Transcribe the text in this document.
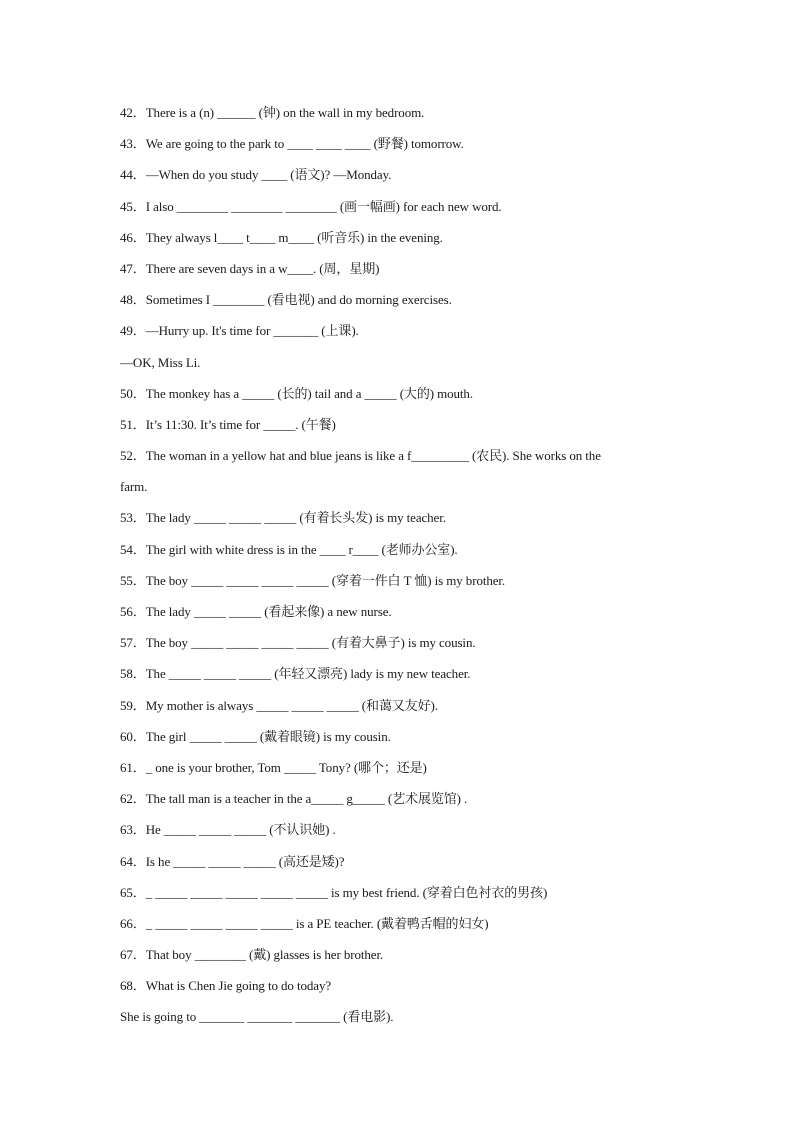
42．There is a (n) ______ (钟) on the wall in my bedroom.
43．We are going to the park to ____ ____ ____ (野餐) tomorrow.
44．—When do you study ____ (语文)? —Monday.
45．I also ________ ________ ________ (画一幅画) for each new word.
46．They always l____ t____ m____ (听音乐) in the evening.
47．There are seven days in a w____. (周，星期)
48．Sometimes I ________ (看电视) and do morning exercises.
49．—Hurry up. It's time for _______ (上课).
—OK, Miss Li.
50．The monkey has a _____ (长的) tail and a _____ (大的) mouth.
51．It’s 11:30. It’s time for _____. (午餐)
52．The woman in a yellow hat and blue jeans is like a f_________ (农民). She works on the
farm.
53．The lady _____ _____ _____ (有着长头发) is my teacher.
54．The girl with white dress is in the ____ r____ (老师办公室).
55．The boy _____ _____ _____ _____ (穿着一件白 T 恤) is my brother.
56．The lady _____ _____ (看起来像) a new nurse.
57．The boy _____ _____ _____ _____ (有着大鼻子) is my cousin.
58．The _____ _____ _____ (年轻又漂亮) lady is my new teacher.
59．My mother is always _____ _____ _____ (和蔼又友好).
60．The girl _____ _____ (戴着眼镜) is my cousin.
61．_ one is your brother, Tom _____ Tony? (哪个；还是)
62．The tall man is a teacher in the a_____ g_____ (艺术展览馆) .
63．He _____ _____ _____ (不认识她) .
64．Is he _____ _____ _____ (高还是矮)?
65．_ _____ _____ _____ _____ _____ is my best friend. (穿着白色衬衣的男孩)
66．_ _____ _____ _____ _____ is a PE teacher. (戴着鸭舌帽的妇女)
67．That boy ________ (戴) glasses is her brother.
68．What is Chen Jie going to do today?
She is going to _______ _______ _______ (看电影).
